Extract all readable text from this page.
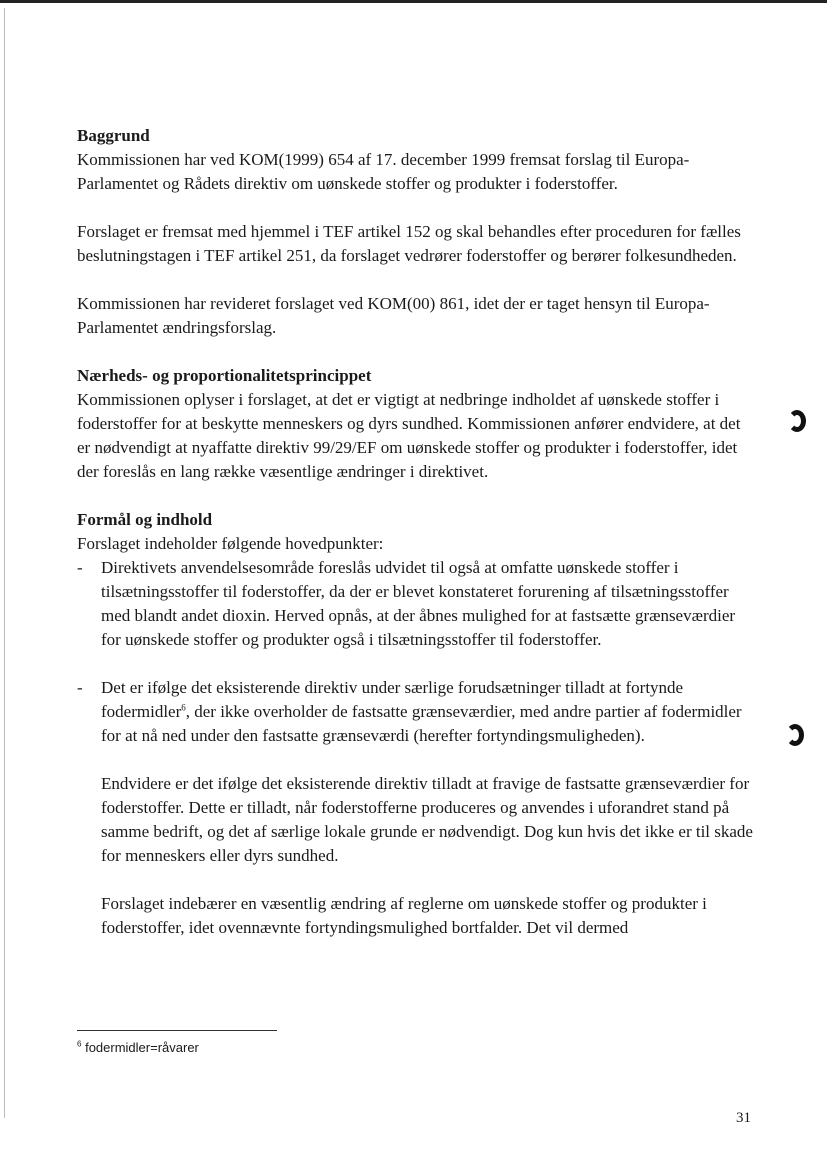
Baggrund

Kommissionen har ved KOM(1999) 654 af 17. december 1999 fremsat forslag til Europa-Parlamentet og Rådets direktiv om uønskede stoffer og produkter i foderstoffer.

Forslaget er fremsat med hjemmel i TEF artikel 152 og skal behandles efter proceduren for fælles beslutningstagen i TEF artikel 251, da forslaget vedrører foderstoffer og berører folkesundheden.

Kommissionen har revideret forslaget ved KOM(00) 861, idet der er taget hensyn til Europa-Parlamentet ændringsforslag.

Nærheds- og proportionalitetsprincippet

Kommissionen oplyser i forslaget, at det er vigtigt at nedbringe indholdet af uønskede stoffer i foderstoffer for at beskytte menneskers og dyrs sundhed. Kommissionen anfører endvidere, at det er nødvendigt at nyaffatte direktiv 99/29/EF om uønskede stoffer og produkter i foderstoffer, idet der foreslås en lang række væsentlige ændringer i direktivet.

Formål og indhold

Forslaget indeholder følgende hovedpunkter:

-	Direktivets anvendelsesområde foreslås udvidet til også at omfatte uønskede stoffer i tilsætningsstoffer til foderstoffer, da der er blevet konstateret forurening af tilsætningsstoffer med blandt andet dioxin. Herved opnås, at der åbnes mulighed for at fastsætte grænseværdier for uønskede stoffer og produkter også i tilsætningsstoffer til foderstoffer.

-	Det er ifølge det eksisterende direktiv under særlige forudsætninger tilladt at fortynde fodermidler$^6$, der ikke overholder de fastsatte grænseværdier, med andre partier af fodermidler for at nå ned under den fastsatte grænseværdi (herefter fortyndingsmuligheden).

Endvidere er det ifølge det eksisterende direktiv tilladt at fravige de fastsatte grænseværdier for foderstoffer. Dette er tilladt, når foderstofferne produceres og anvendes i uforandret stand på samme bedrift, og det af særlige lokale grunde er nødvendigt. Dog kun hvis det ikke er til skade for menneskers eller dyrs sundhed.

Forslaget indebærer en væsentlig ændring af reglerne om uønskede stoffer og produkter i foderstoffer, idet ovennævnte fortyndingsmulighed bortfalder. Det vil dermed

$^6$ fodermidler=råvarer
31
